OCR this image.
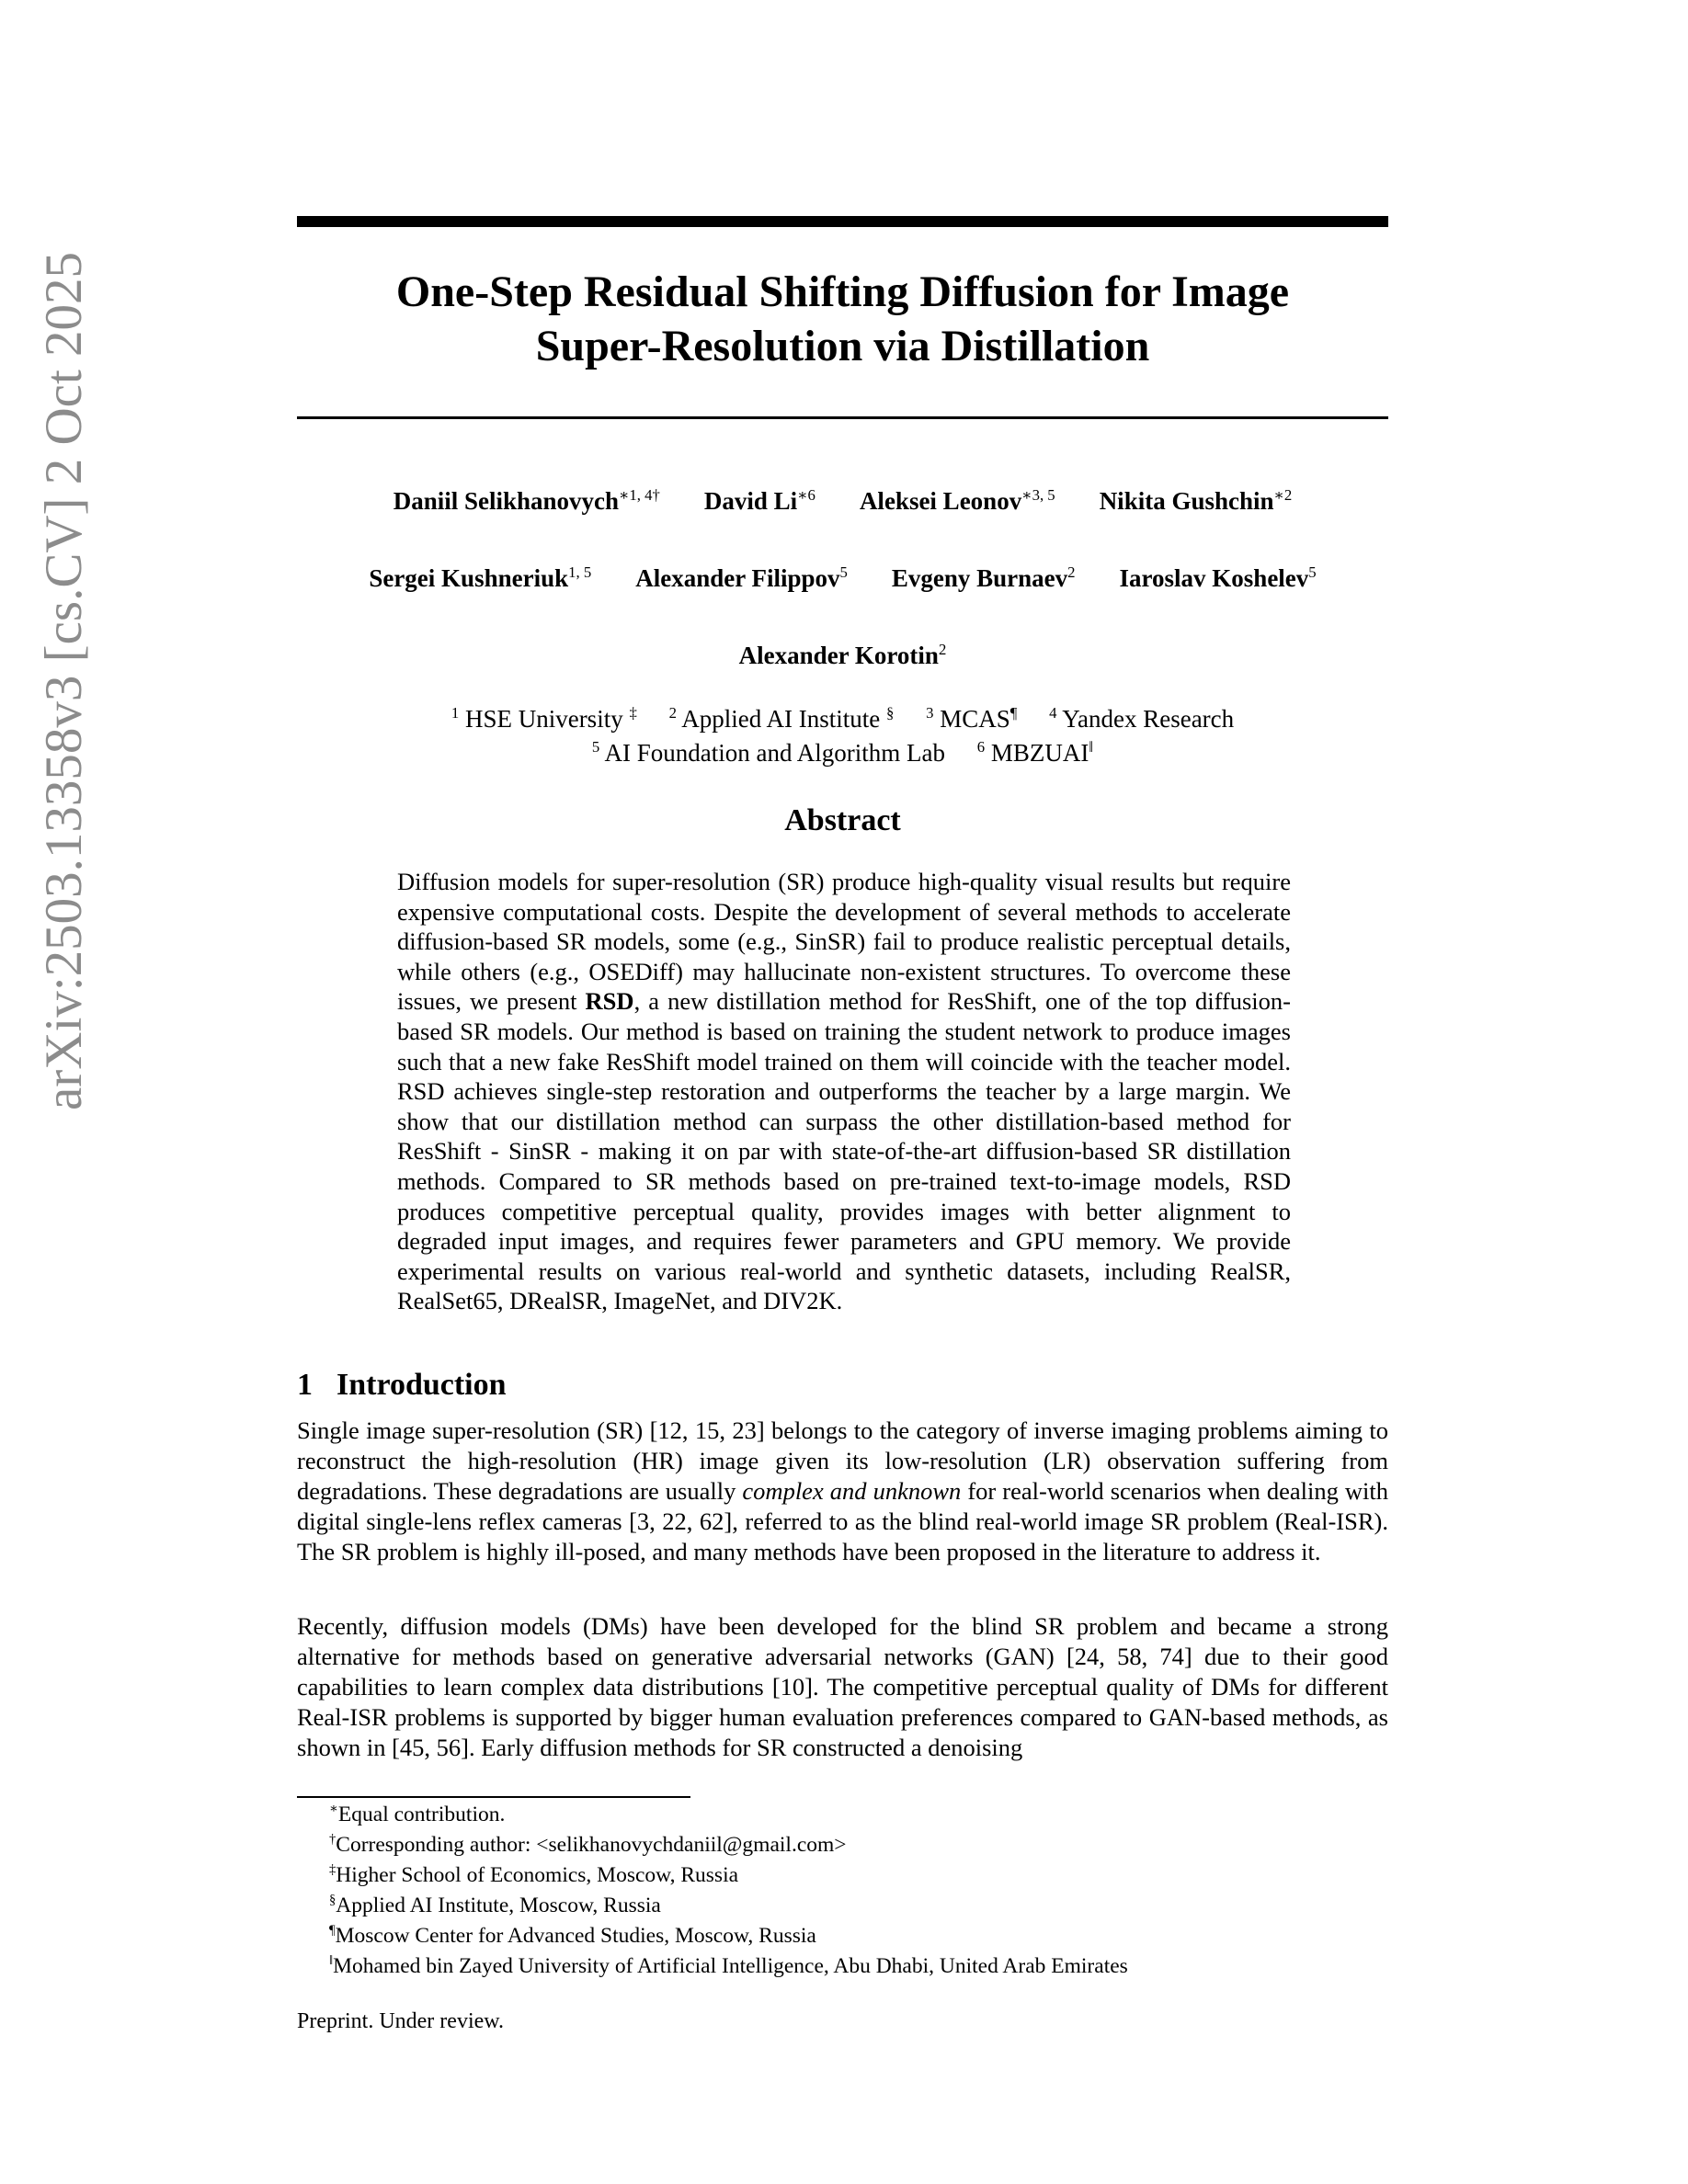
arXiv:2503.13358v3 [cs.CV] 2 Oct 2025	One-Step Residual Shifting Diffusion for Image
Super-Resolution via Distillation
Daniil Selikhanovych$^{∗1, 4\dagger}$ David $Li^{∗6}$ Aleksei Leonov$^{∗3, 5}$ Nikita Gushchin$^{∗2}$
Sergei Kushneriuk$^{1, 5}$ Alexander Filippov$^5$ Evgeny Burnaev$^2$ Iaroslav Koshelev$^5$
Alexander Korotin$^2$
$^1$ HSE University ‡ $^2$ Applied AI Institute § $^3$ MCAS¶ $^4$ Yandex Research
$^5$ AI Foundation and Algorithm Lab $^6$ MBZUAI‖
Abstract
Diffusion models for super-resolution (SR) produce high-quality visual results but require expensive computational costs. Despite the development of several methods to accelerate diffusion-based SR models, some (e.g., SinSR) fail to produce realistic perceptual details, while others (e.g., OSEDiff) may hallucinate non-existent structures. To overcome these issues, we present RSD, a new distillation method for ResShift, one of the top diffusion-based SR models. Our method is based on training the student network to produce images such that a new fake ResShift model trained on them will coincide with the teacher model. RSD achieves single-step restoration and outperforms the teacher by a large margin. We show that our distillation method can surpass the other distillation-based method for ResShift - SinSR - making it on par with state-of-the-art diffusion-based SR distillation methods. Compared to SR methods based on pre-trained text-to-image models, RSD produces competitive perceptual quality, provides images with better alignment to degraded input images, and requires fewer parameters and GPU memory. We provide experimental results on various real-world and synthetic datasets, including RealSR, RealSet65, DRealSR, ImageNet, and DIV2K.
1 Introduction
Single image super-resolution (SR) [12, 15, 23] belongs to the category of inverse imaging problems aiming to reconstruct the high-resolution (HR) image given its low-resolution (LR) observation suffering from degradations. These degradations are usually complex and unknown for real-world scenarios when dealing with digital single-lens reflex cameras [3, 22, 62], referred to as the blind real-world image SR problem (Real-ISR). The SR problem is highly ill-posed, and many methods have been proposed in the literature to address it.
Recently, diffusion models (DMs) have been developed for the blind SR problem and became a strong alternative for methods based on generative adversarial networks (GAN) [24, 58, 74] due to their good capabilities to learn complex data distributions [10]. The competitive perceptual quality of DMs for different Real-ISR problems is supported by bigger human evaluation preferences compared to GAN-based methods, as shown in [45, 56]. Early diffusion methods for SR constructed a denoising
∗Equal contribution.
†Corresponding author: <selikhanovychdaniil@gmail.com>
‡Higher School of Economics, Moscow, Russia
§Applied AI Institute, Moscow, Russia
¶Moscow Center for Advanced Studies, Moscow, Russia
‖Mohamed bin Zayed University of Artificial Intelligence, Abu Dhabi, United Arab Emirates
Preprint. Under review.
